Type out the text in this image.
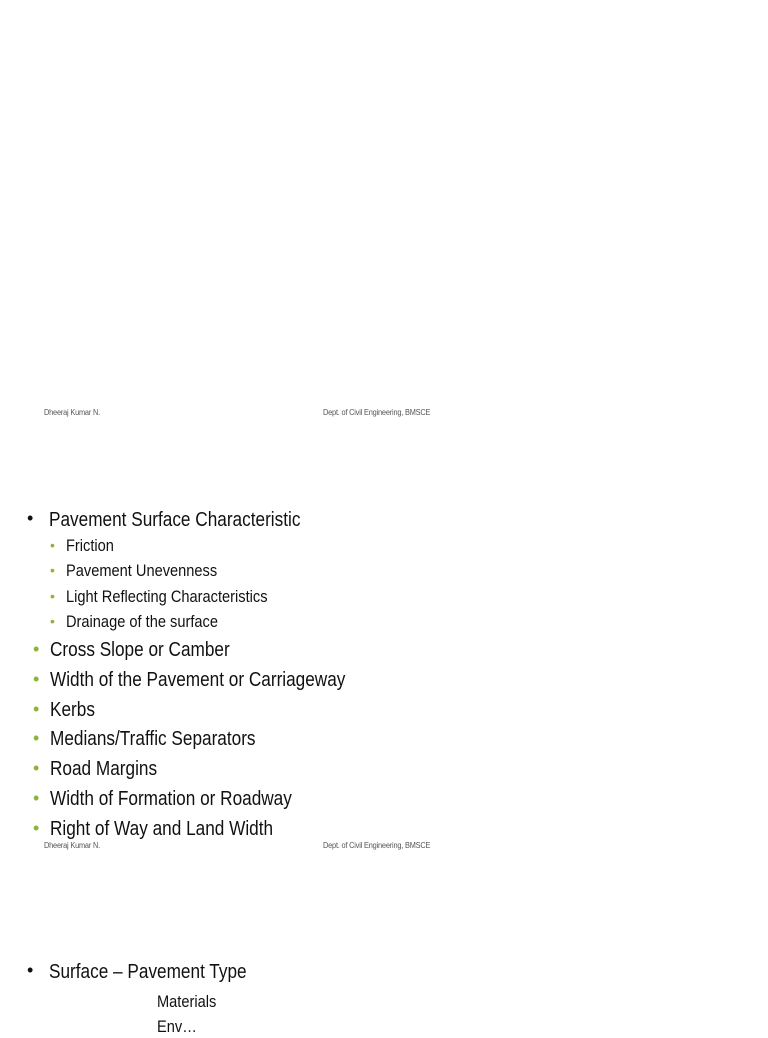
Dheeraj Kumar N.	Dept. of Civil Engineering, BMSCE
• Pavement Surface Characteristic
• Friction
• Pavement Unevenness
• Light Reflecting Characteristics
• Drainage of the surface
• Cross Slope or Camber
• Width of the Pavement or Carriageway
• Kerbs
• Medians/Traffic Separators
• Road Margins
• Width of Formation or Roadway
• Right of Way and Land Width
Dheeraj Kumar N.	Dept. of Civil Engineering, BMSCE
• Surface – Pavement Type
Materials
Env…
